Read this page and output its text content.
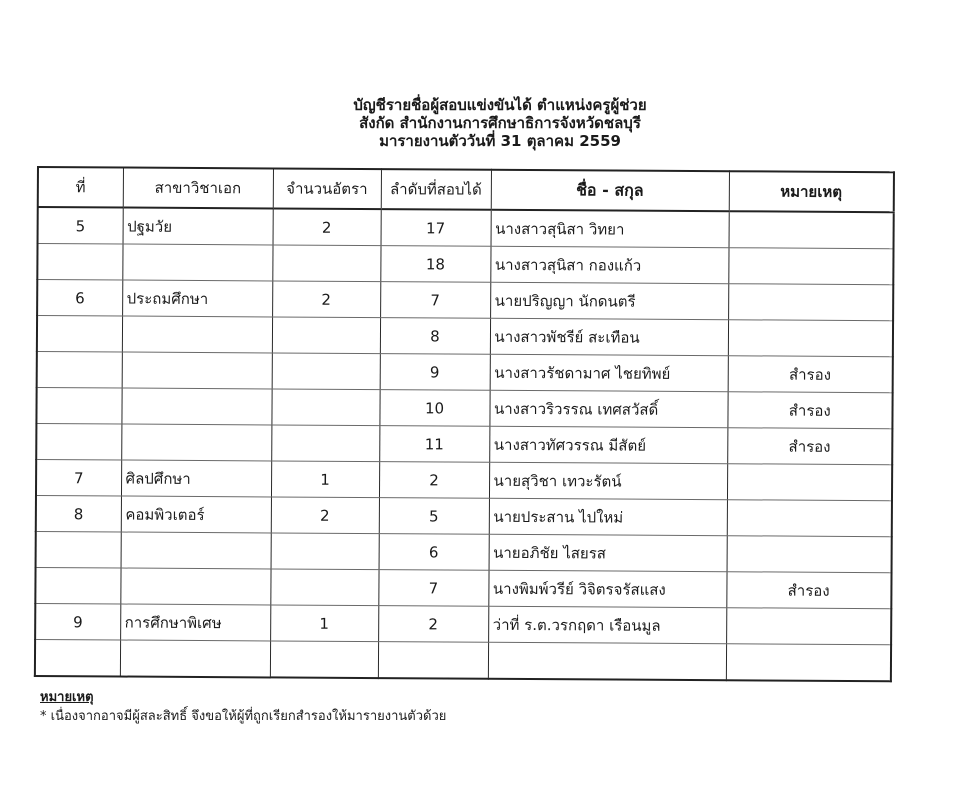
บัญชีรายชื่อผู้สอบแข่งขันได้ ตำแหน่งครูผู้ช่วย
สังกัด สำนักงานการศึกษาธิการจังหวัดชลบุรี
มารายงานตัววันที่ 31 ตุลาคม 2559
ที่	สาขาวิชาเอก	จำนวนอัตรา	ลำดับที่สอบได้	ชื่อ - สกุล	หมายเหตุ
5	ปฐมวัย	2	17	นางสาวสุนิสา วิทยา	
			18	นางสาวสุนิสา กองแก้ว	
6	ประถมศึกษา	2	7	นายปริญญา นักดนตรี	
			8	นางสาวพัชรีย์ สะเทือน	
			9	นางสาวรัชดามาศ ไชยทิพย์	สำรอง
			10	นางสาวริวรรณ เทศสวัสดิ์	สำรอง
			11	นางสาวทัศวรรณ มีสัตย์	สำรอง
7	ศิลปศึกษา	1	2	นายสุวิชา เทวะรัตน์	
8	คอมพิวเตอร์	2	5	นายประสาน ไปใหม่	
			6	นายอภิชัย ไสยรส	
			7	นางพิมพ์วรีย์ วิจิตรจรัสแสง	สำรอง
9	การศึกษาพิเศษ	1	2	ว่าที่ ร.ต.วรกฤดา เรือนมูล	

หมายเหตุ
* เนื่องจากอาจมีผู้สละสิทธิ์ จึงขอให้ผู้ที่ถูกเรียกสำรองให้มารายงานตัวด้วย
